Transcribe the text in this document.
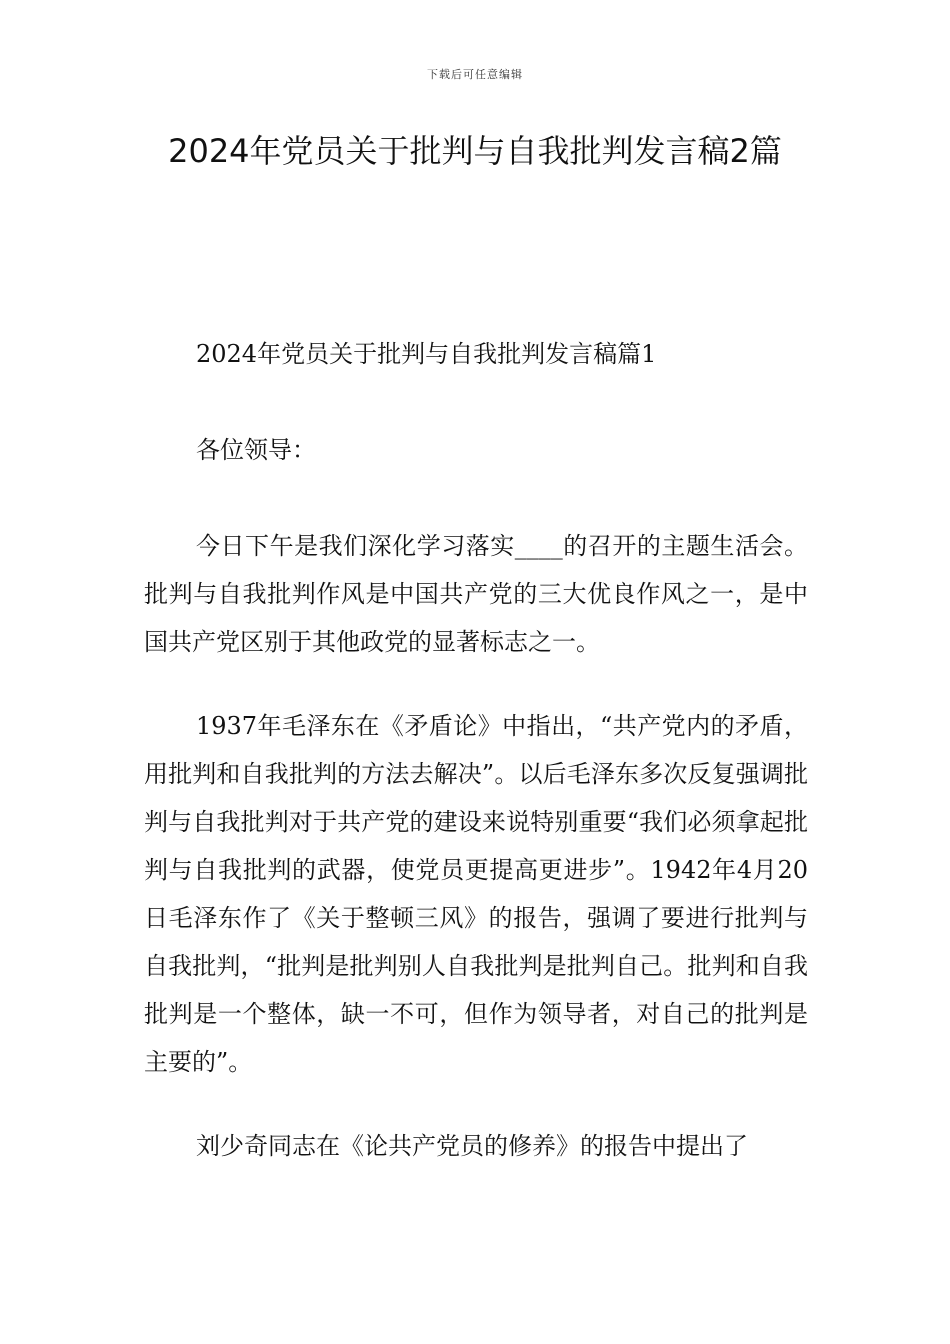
下载后可任意编辑
2024年党员关于批判与自我批判发言稿2篇

2024年党员关于批判与自我批判发言稿篇1

各位领导：

今日下午是我们深化学习落实____的召开的主题生活会。批判与自我批判作风是中国共产党的三大优良作风之一，是中国共产党区别于其他政党的显著标志之一。

1937年毛泽东在《矛盾论》中指出，“共产党内的矛盾，用批判和自我批判的方法去解决”。以后毛泽东多次反复强调批判与自我批判对于共产党的建设来说特别重要“我们必须拿起批判与自我批判的武器，使党员更提高更进步”。1942年4月20日毛泽东作了《关于整顿三风》的报告，强调了要进行批判与自我批判，“批判是批判别人自我批判是批判自己。批判和自我批判是一个整体，缺一不可，但作为领导者，对自己的批判是主要的”。

刘少奇同志在《论共产党员的修养》的报告中提出了
